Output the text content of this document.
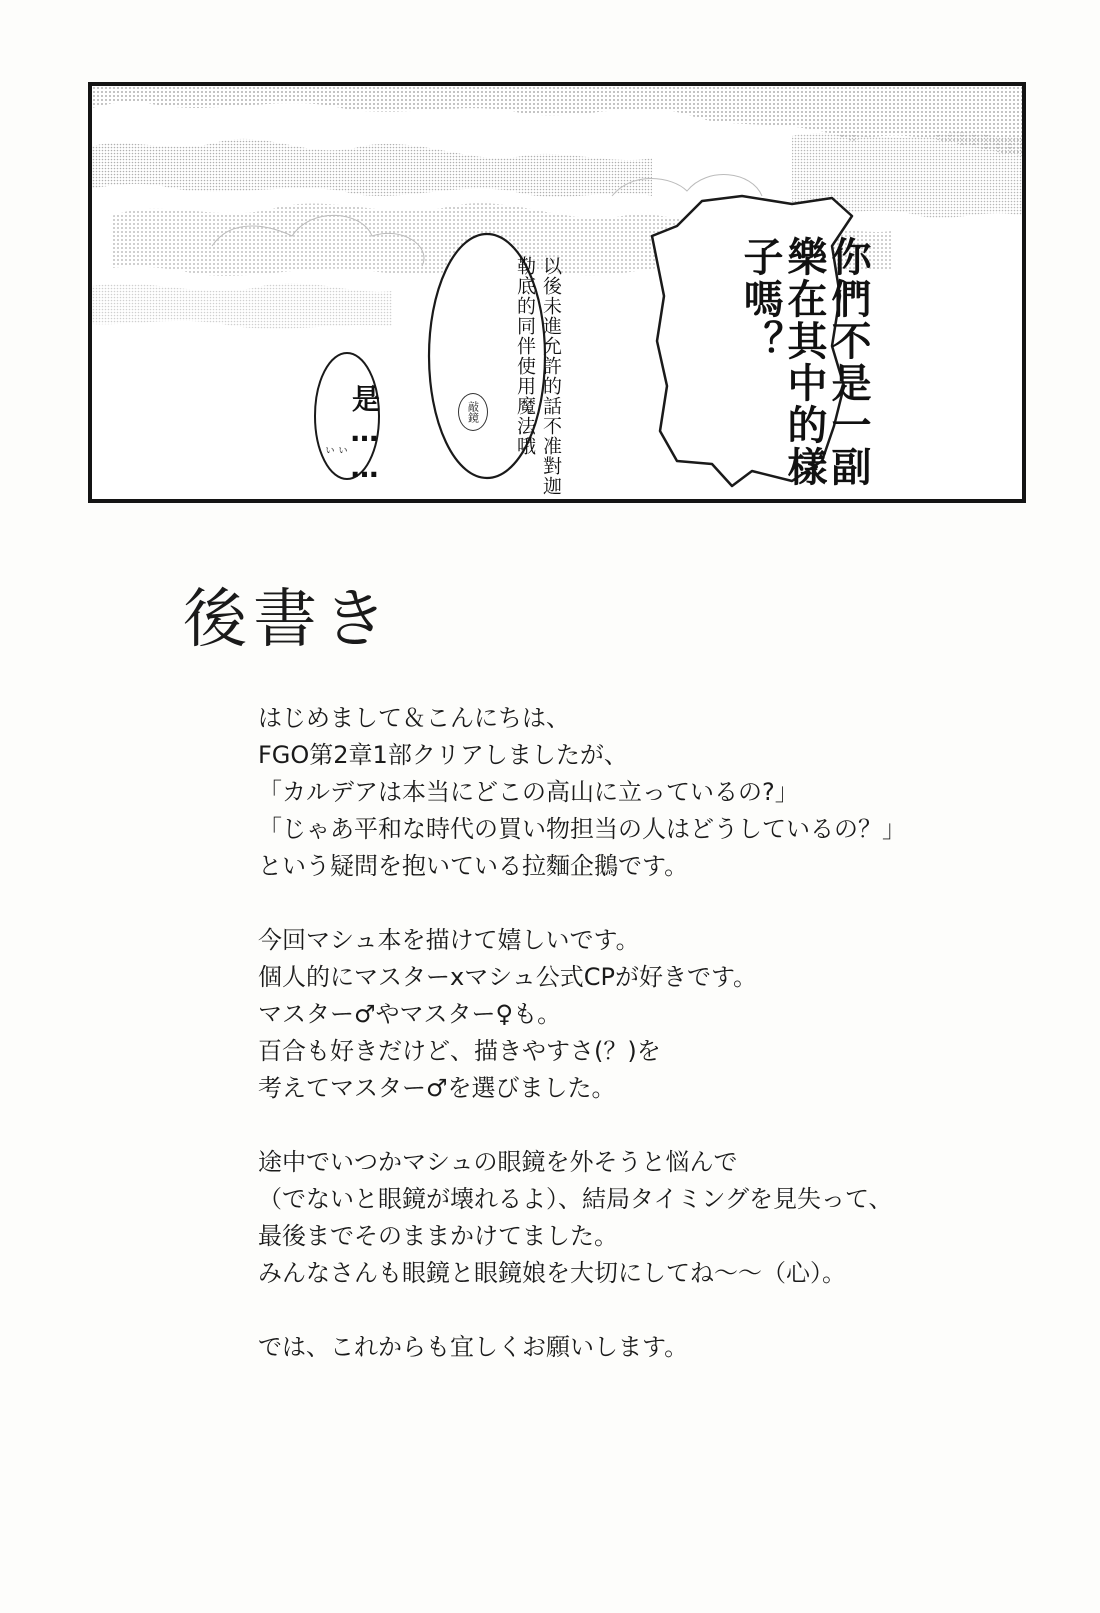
你們不是一副樂在其中的樣子嗎？
以後未進允許的話不准對迦勒底的同伴使用魔法哦
敲鏡
是……
ぃぃ
後書き

はじめまして＆こんにちは、
FGO第2章1部クリアしましたが、
「カルデアは本当にどこの高山に立っているの?」
「じゃあ平和な時代の買い物担当の人はどうしているの？」
という疑問を抱いている拉麵企鵝です。

今回マシュ本を描けて嬉しいです。
個人的にマスターxマシュ公式CPが好きです。
マスター♂やマスター♀も。
百合も好きだけど、描きやすさ(？)を
考えてマスター♂を選びました。

途中でいつかマシュの眼鏡を外そうと悩んで
（でないと眼鏡が壊れるよ）、結局タイミングを見失って、
最後までそのままかけてました。
みんなさんも眼鏡と眼鏡娘を大切にしてね〜〜（心）。

では、これからも宜しくお願いします。
